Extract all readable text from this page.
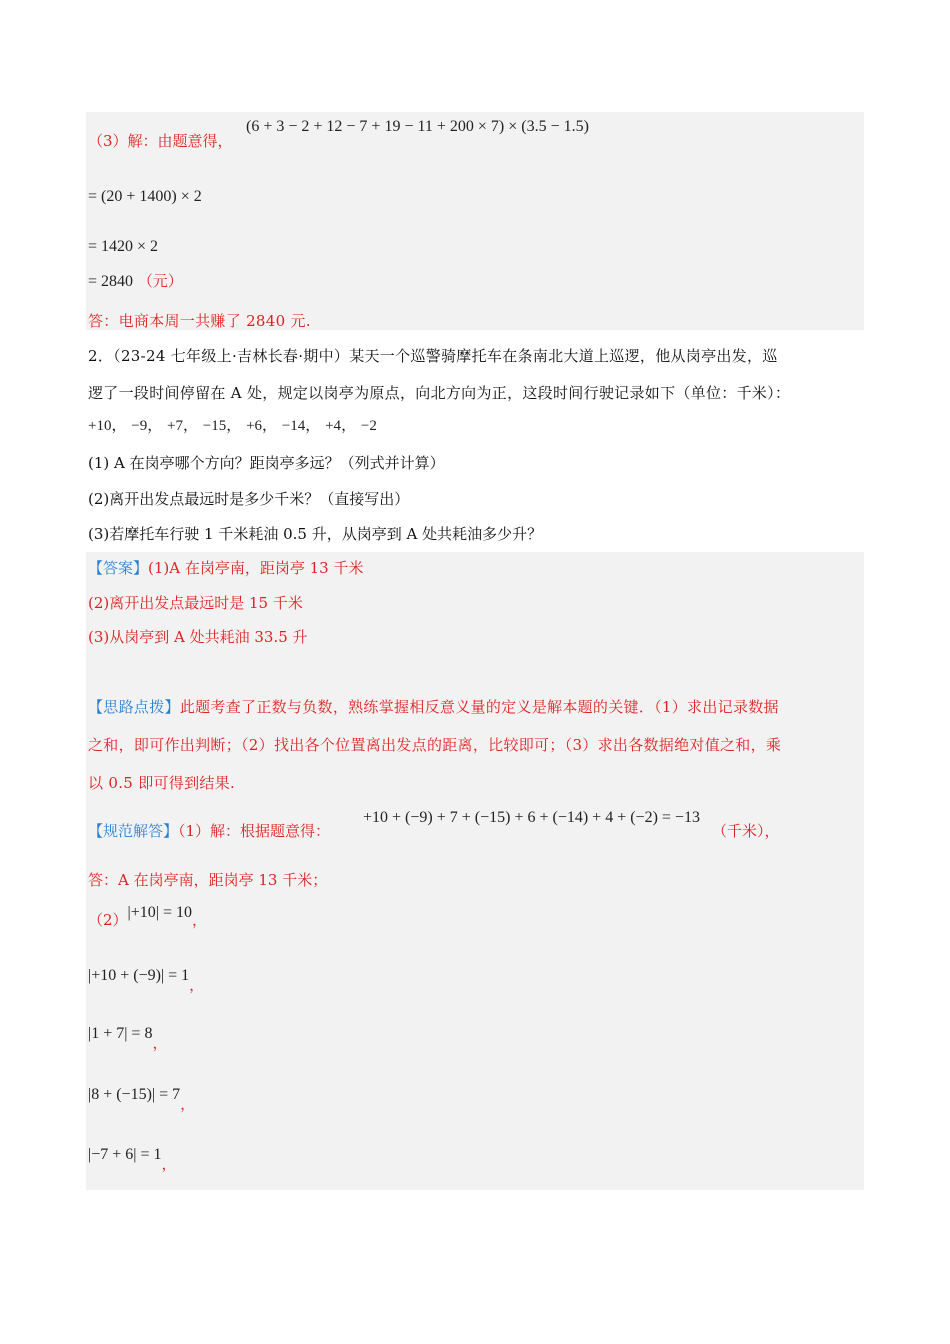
（3）解：由题意得，
(6 + 3 − 2 + 12 − 7 + 19 − 11 + 200 × 7) × (3.5 − 1.5)
= (20 + 1400) × 2
= 1420 × 2
= 2840 （元）
答：电商本周一共赚了 2840 元.
2．（23-24 七年级上·吉林长春·期中）某天一个巡警骑摩托车在条南北大道上巡逻，他从岗亭出发，巡
逻了一段时间停留在 A 处，规定以岗亭为原点，向北方向为正，这段时间行驶记录如下（单位：千米）：
+10， −9， +7， −15， +6， −14， +4， −2
(1) A 在岗亭哪个方向？距岗亭多远？（列式并计算）
(2)离开出发点最远时是多少千米？（直接写出）
(3)若摩托车行驶 1 千米耗油 0.5 升，从岗亭到 A 处共耗油多少升？
【答案】(1)A 在岗亭南，距岗亭 13 千米
(2)离开出发点最远时是 15 千米
(3)从岗亭到 A 处共耗油 33.5 升
【思路点拨】此题考查了正数与负数，熟练掌握相反意义量的定义是解本题的关键．（1）求出记录数据
之和，即可作出判断；（2）找出各个位置离出发点的距离，比较即可；（3）求出各数据绝对值之和，乘
以 0.5 即可得到结果.
【规范解答】（1）解：根据题意得：
+10 + (−9) + 7 + (−15) + 6 + (−14) + 4 + (−2) = −13
（千米），
答：A 在岗亭南，距岗亭 13 千米；
（2）|+10| = 10，
|+10 + (−9)| = 1，
|1 + 7| = 8，
|8 + (−15)| = 7，
|−7 + 6| = 1，
